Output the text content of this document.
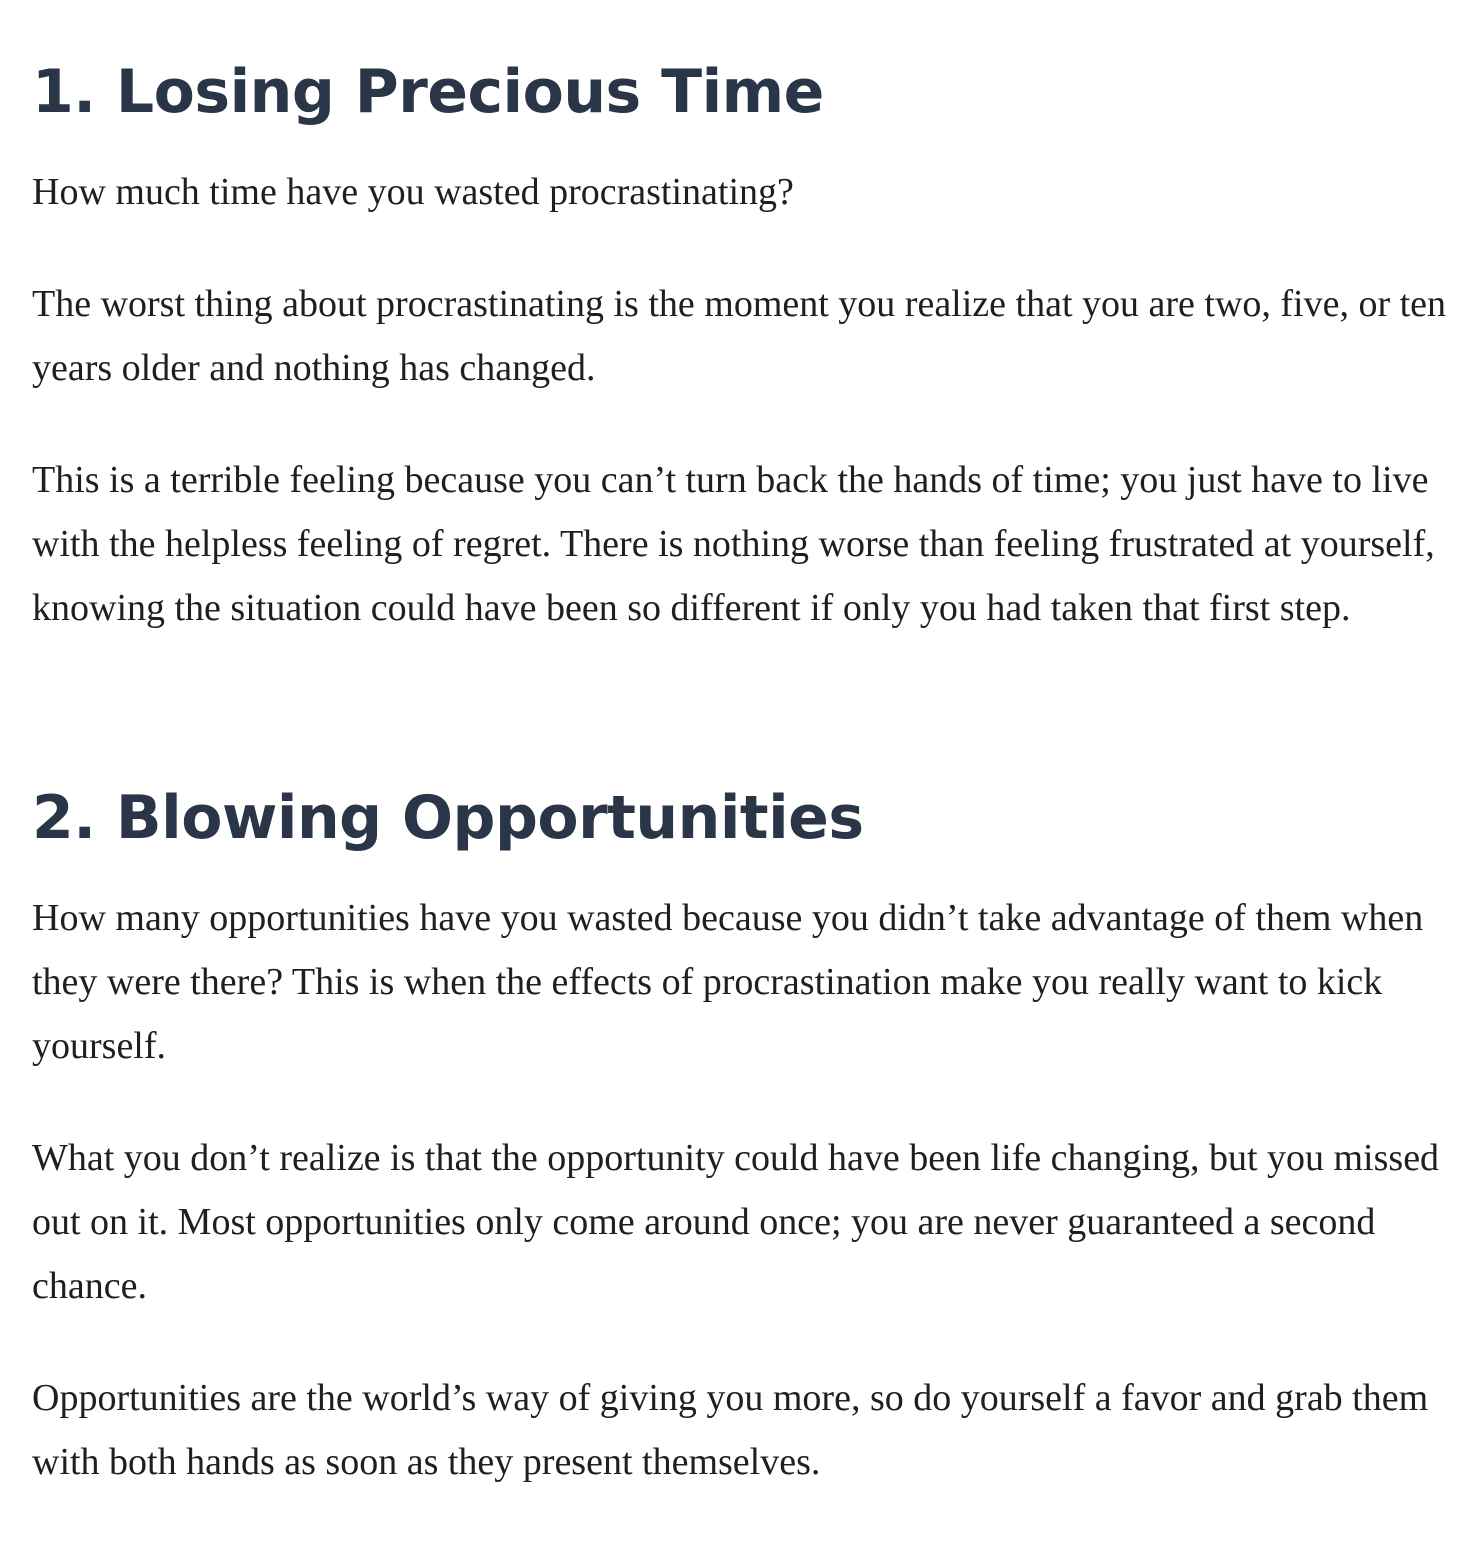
1. Losing Precious Time

How much time have you wasted procrastinating?

The worst thing about procrastinating is the moment you realize that you are two, five, or ten years older and nothing has changed.

This is a terrible feeling because you can’t turn back the hands of time; you just have to live with the helpless feeling of regret. There is nothing worse than feeling frustrated at yourself, knowing the situation could have been so different if only you had taken that first step.

2. Blowing Opportunities

How many opportunities have you wasted because you didn’t take advantage of them when they were there? This is when the effects of procrastination make you really want to kick yourself.

What you don’t realize is that the opportunity could have been life changing, but you missed out on it. Most opportunities only come around once; you are never guaranteed a second chance.

Opportunities are the world’s way of giving you more, so do yourself a favor and grab them with both hands as soon as they present themselves.
